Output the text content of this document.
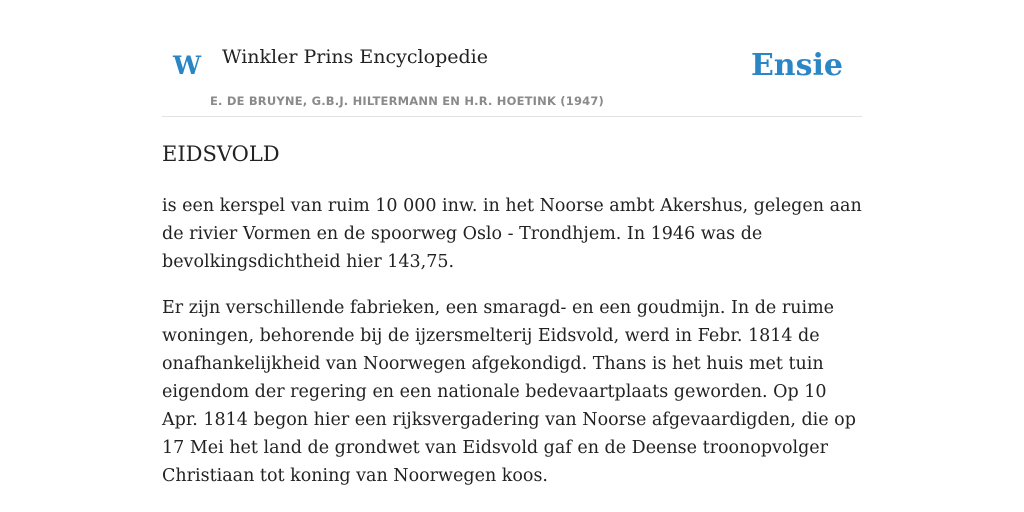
W Winkler Prins Encyclopedie
E. DE BRUYNE, G.B.J. HILTERMANN EN H.R. HOETINK (1947)
Ensie
EIDSVOLD

is een kerspel van ruim 10 000 inw. in het Noorse ambt Akershus, gelegen aan de rivier Vormen en de spoorweg Oslo - Trondhjem. In 1946 was de bevolkingsdichtheid hier 143,75.

Er zijn verschillende fabrieken, een smaragd- en een goudmijn. In de ruime woningen, behorende bij de ijzersmelterij Eidsvold, werd in Febr. 1814 de onafhankelijkheid van Noorwegen afgekondigd. Thans is het huis met tuin eigendom der regering en een nationale bedevaartplaats geworden. Op 10 Apr. 1814 begon hier een rijksvergadering van Noorse afgevaardigden, die op 17 Mei het land de grondwet van Eidsvold gaf en de Deense troonopvolger Christiaan tot koning van Noorwegen koos.
